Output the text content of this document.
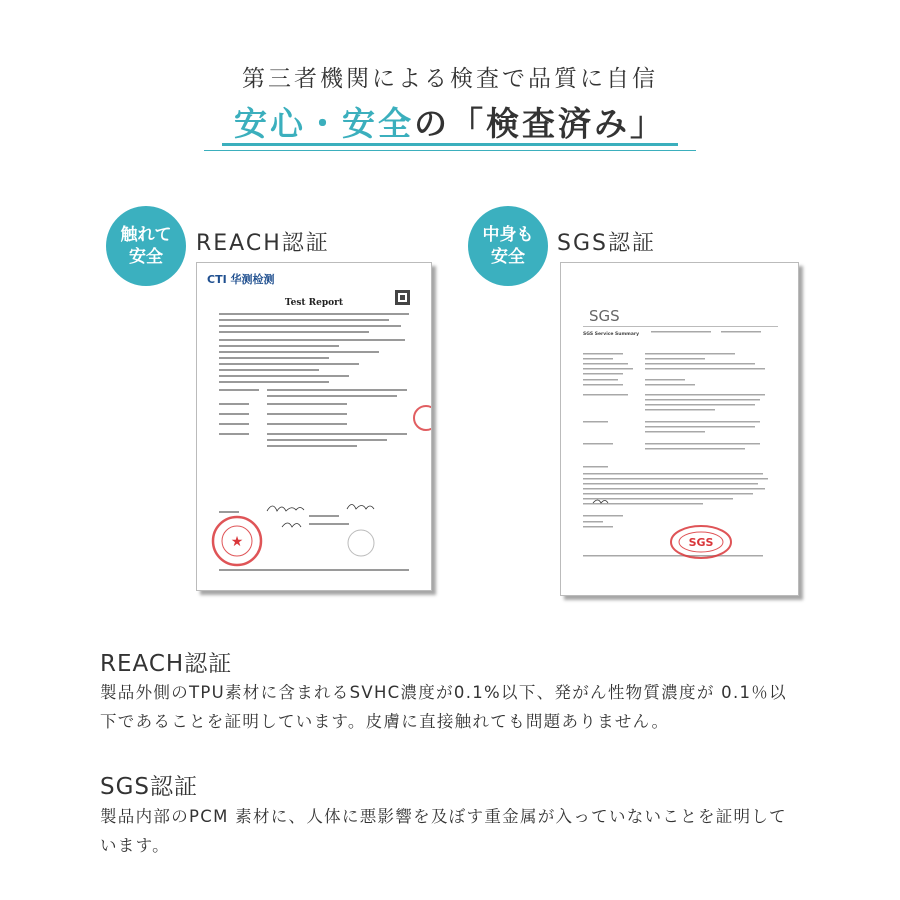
第三者機関による検査で品質に自信
安心・安全の「検査済み」
触れて
安全
REACH認証
CTI 华测检测
Test Report
★
中身も
安全
SGS認証
SGS
SGS Service Summary
SGS
REACH認証
製品外側のTPU素材に含まれるSVHC濃度が0.1%以下、発がん性物質濃度が 0.1％以下であることを証明しています。皮膚に直接触れても問題ありません。
SGS認証
製品内部のPCM 素材に、人体に悪影響を及ぼす重金属が入っていないことを証明しています。
